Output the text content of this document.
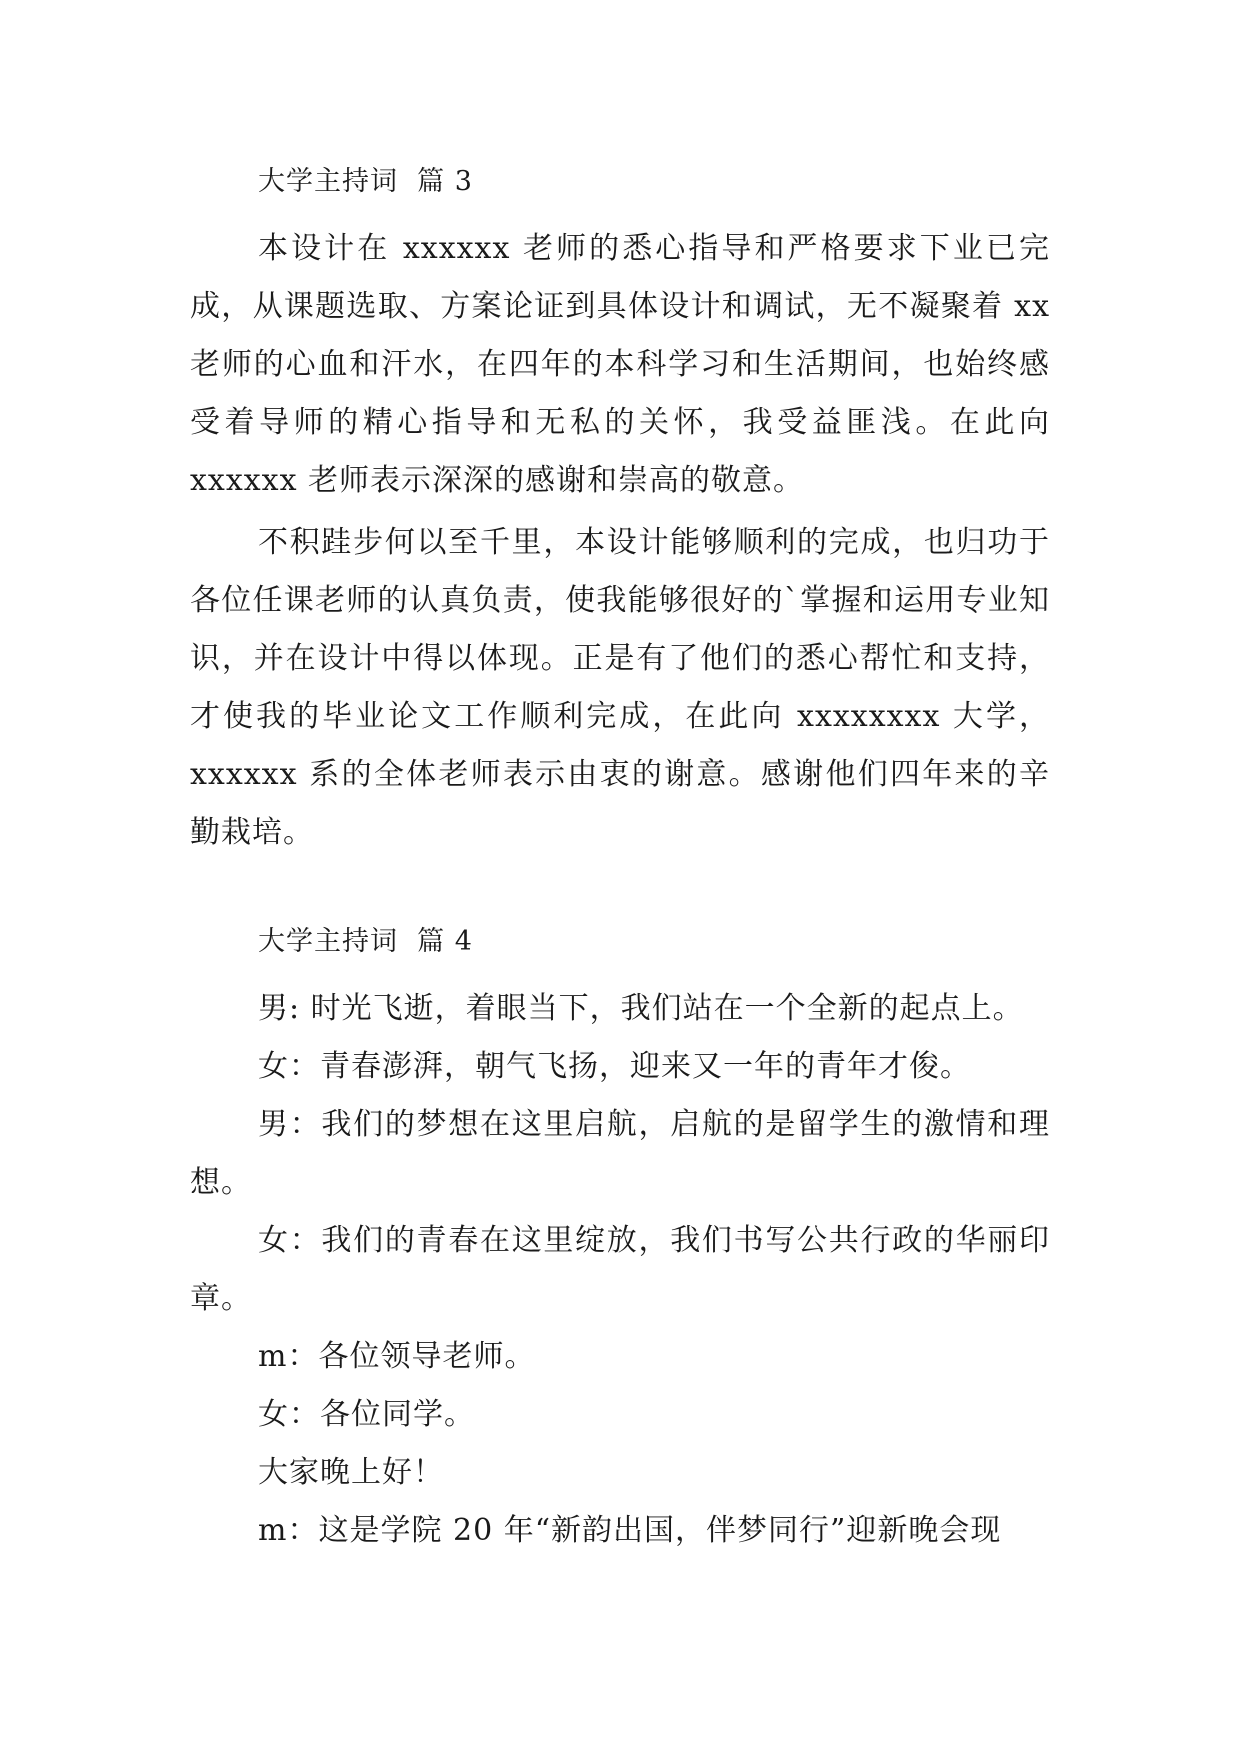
大学主持词  篇 3

本设计在 xxxxxx 老师的悉心指导和严格要求下业已完成，从课题选取、方案论证到具体设计和调试，无不凝聚着 xx 老师的心血和汗水，在四年的本科学习和生活期间，也始终感受着导师的精心指导和无私的关怀，我受益匪浅。在此向 xxxxxx 老师表示深深的感谢和崇高的敬意。

不积跬步何以至千里，本设计能够顺利的完成，也归功于各位任课老师的认真负责，使我能够很好的`掌握和运用专业知识，并在设计中得以体现。正是有了他们的悉心帮忙和支持，才使我的毕业论文工作顺利完成，在此向 xxxxxxxx 大学，xxxxxx 系的全体老师表示由衷的谢意。感谢他们四年来的辛勤栽培。

大学主持词  篇 4

男: 时光飞逝，着眼当下，我们站在一个全新的起点上。

女：青春澎湃，朝气飞扬，迎来又一年的青年才俊。

男：我们的梦想在这里启航，启航的是留学生的激情和理想。

女：我们的青春在这里绽放，我们书写公共行政的华丽印章。

m：各位领导老师。

女：各位同学。

大家晚上好！

m：这是学院 20 年“新韵出国，伴梦同行”迎新晚会现
